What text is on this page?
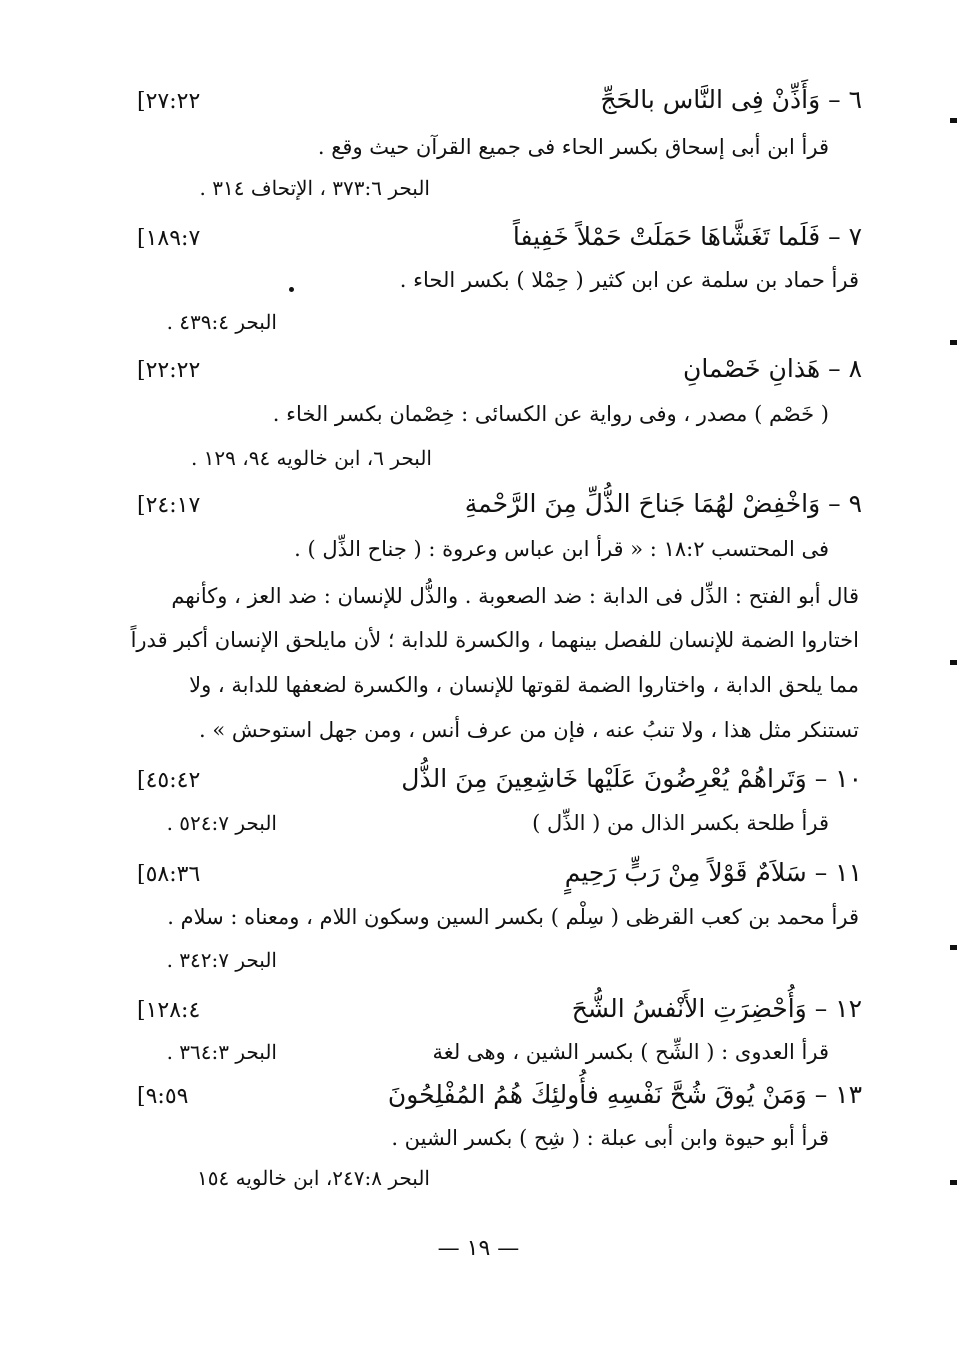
٦ – وَأَذِّنْ فِى النَّاس بالحَجِّ
[٢٧:٢٢
قرأ ابن أبى إسحاق بكسر الحاء فى جميع القرآن حيث وقع .
البحر ٣٧٣:٦ ، الإتحاف ٣١٤ .
٧ – فَلَما تَغَشَّاهَا حَمَلَتْ حَمْلاً خَفِيفاً
[١٨٩:٧
قرأ حماد بن سلمة عن ابن كثير ( حِمْلا ) بكسر الحاء .
البحر ٤٣٩:٤ .
٨ – هَذانِ خَصْمانِ
[٢٢:٢٢
( خَصْم ) مصدر ، وفى رواية عن الكسائى : خِصْمان بكسر الخاء .
البحر ٦، ابن خالويه ٩٤، ١٢٩ .
٩ – وَاخْفِضْ لهُمَا جَناحَ الذُّلِّ مِنَ الرَّحْمةِ
[٢٤:١٧
فى المحتسب ١٨:٢ : « قرأ ابن عباس وعروة : ( جناح الذِّل ) .
قال أبو الفتح : الذِّل فى الدابة : ضد الصعوبة . والذُّل للإنسان : ضد العز ، وكأنهم
اختاروا الضمة للإنسان للفصل بينهما ، والكسرة للدابة ؛ لأن مايلحق الإنسان أكبر قدراً
مما يلحق الدابة ، واختاروا الضمة لقوتها للإنسان ، والكسرة لضعفها للدابة ، ولا
تستنكر مثل هذا ، ولا تنبُ عنه ، فإن من عرف أنس ، ومن جهل استوحش » .
١٠ – وَتَراهُمْ يُعْرِضُونَ عَلَيْها خَاشِعِينَ مِنَ الذُّل
[٤٥:٤٢
قرأ طلحة بكسر الذال من ( الذِّل )
البحر ٥٢٤:٧ .
١١ – سَلاَمٌ قَوْلاً مِنْ رَبٍّ رَحِيمٍ
[٥٨:٣٦
قرأ محمد بن كعب القرظى ( سِلْم ) بكسر السين وسكون اللام ، ومعناه : سلام .
البحر ٣٤٢:٧ .
١٢ – وَأُحْضِرَتِ الأَنْفسُ الشُّحَ
[١٢٨:٤
قرأ العدوى : ( الشِّح ) بكسر الشين ، وهى لغة
البحر ٣٦٤:٣ .
١٣ – وَمَنْ يُوقَ شُحَّ نَفْسِهِ فأُولئِكَ هُمُ المُفْلِحُونَ
[٩:٥٩
قرأ أبو حيوة وابن أبى عبلة : ( شِح ) بكسر الشين .
البحر ٢٤٧:٨، ابن خالويه ١٥٤
— ١٩ —
